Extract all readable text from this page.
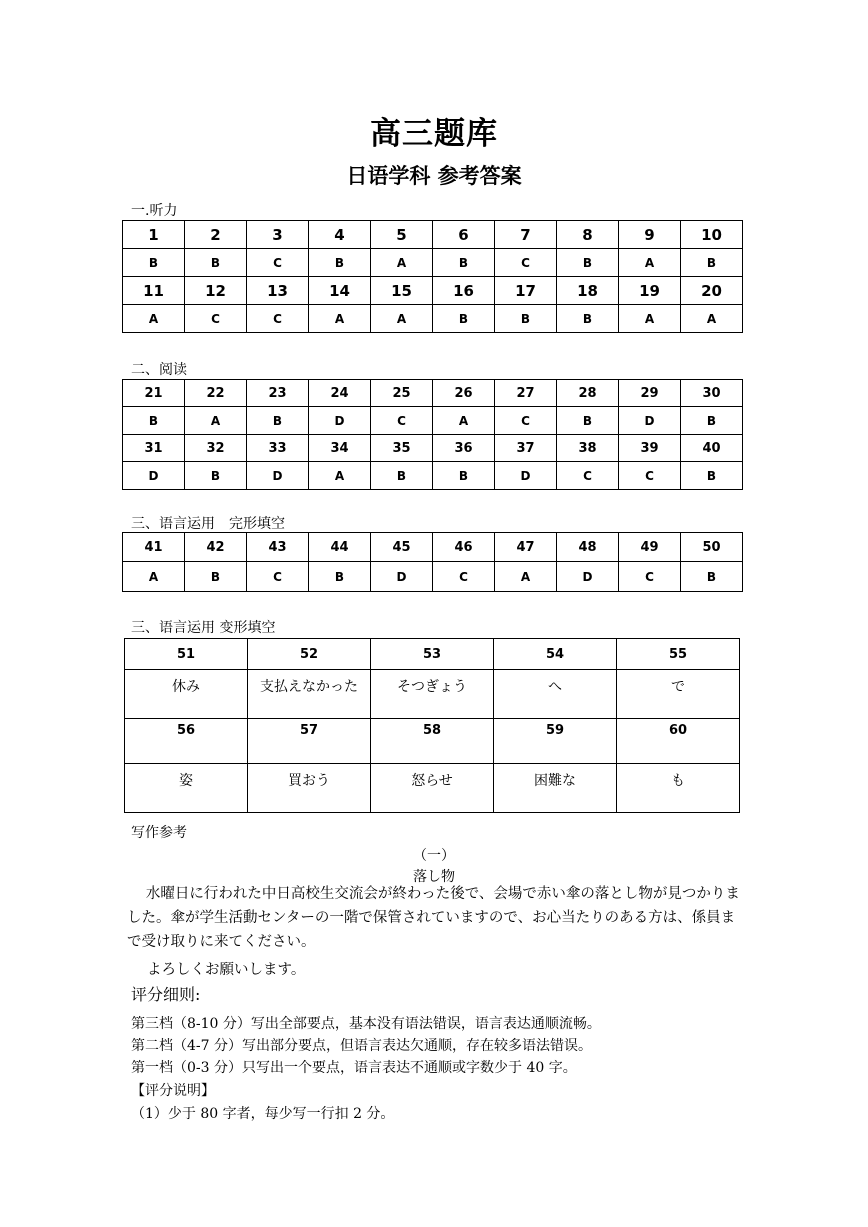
高三题库
日语学科 参考答案
一.听力
1	2	3	4	5	6	7	8	9	10
B	B	C	B	A	B	C	B	A	B
11	12	13	14	15	16	17	18	19	20
A	C	C	A	A	B	B	B	A	A
二、阅读
21	22	23	24	25	26	27	28	29	30
B	A	B	D	C	A	C	B	D	B
31	32	33	34	35	36	37	38	39	40
D	B	D	A	B	B	D	C	C	B
三、语言运用　完形填空
41	42	43	44	45	46	47	48	49	50
A	B	C	B	D	C	A	D	C	B
三、语言运用 变形填空
51	52	53	54	55
休み	支払えなかった	そつぎょう	へ	で
56	57	58	59	60
姿	買おう	怒らせ	困難な	も
写作参考
（一）
落し物
水曜日に行われた中日高校生交流会が終わった後で、会場で赤い傘の落とし物が見つかりました。傘が学生活動センターの一階で保管されていますので、お心当たりのある方は、係員まで受け取りに来てください。
よろしくお願いします。
评分细则:
第三档（8-10 分）写出全部要点，基本没有语法错误，语言表达通顺流畅。
第二档（4-7 分）写出部分要点，但语言表达欠通顺，存在较多语法错误。
第一档（0-3 分）只写出一个要点，语言表达不通顺或字数少于 40 字。
【评分说明】
（1）少于 80 字者，每少写一行扣 2 分。
